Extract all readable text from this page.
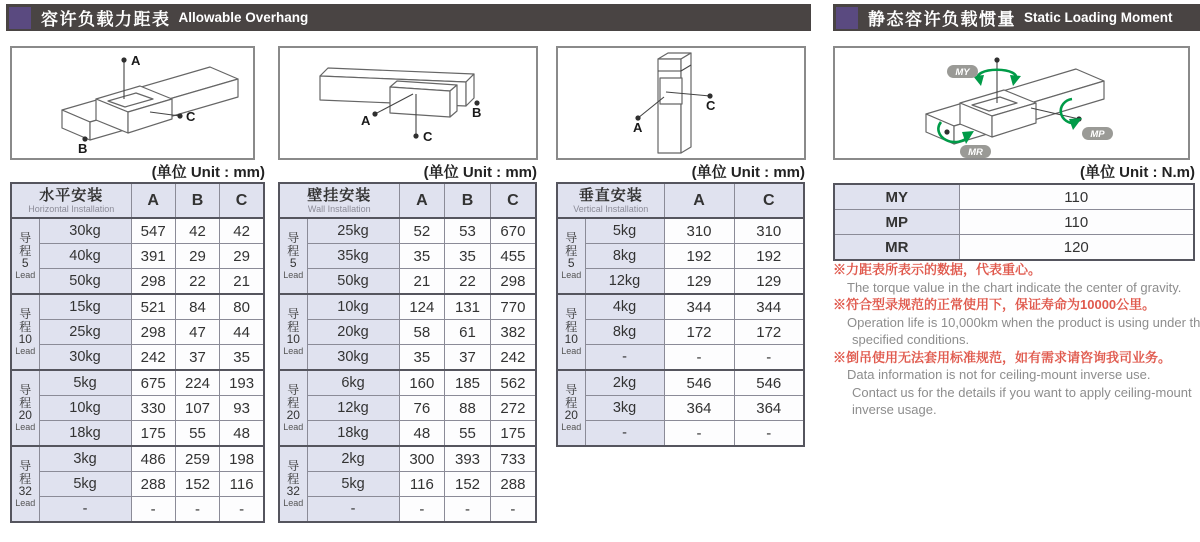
容许负载力距表 Allowable Overhang	静态容许负载惯量 Static Loading Moment
A
C
B
A
C
B
A
C
MY
MP
MR
(单位 Unit : mm)	(单位 Unit : mm)	(单位 Unit : mm)	(单位 Unit : N.m)
水平安装
Horizontal Installation		A	B	C

导
程
5
Lead	30kg	547	42	42
	40kg	391	29	29
	50kg	298	22	21

导
程
10
Lead	15kg	521	84	80
	25kg	298	47	44
	30kg	242	37	35

导
程
20
Lead	5kg	675	224	193
	10kg	330	107	93
	18kg	175	55	48

导
程
32
Lead	3kg	486	259	198
	5kg	288	152	116
	-	-	-	-
壁挂安装
Wall Installation		A	B	C

导
程
5
Lead	25kg	52	53	670
	35kg	35	35	455
	50kg	21	22	298

导
程
10
Lead	10kg	124	131	770
	20kg	58	61	382
	30kg	35	37	242

导
程
20
Lead	6kg	160	185	562
	12kg	76	88	272
	18kg	48	55	175

导
程
32
Lead	2kg	300	393	733
	5kg	116	152	288
	-	-	-	-
垂直安装
Vertical Installation		A	C

导
程
5
Lead	5kg	310	310
	8kg	192	192
	12kg	129	129

导
程
10
Lead	4kg	344	344
	8kg	172	172
	-	-	-

导
程
20
Lead	2kg	546	546
	3kg	364	364
	-	-	-
MY	110
MP	110
MR	120
※力距表所表示的数据，代表重心。
The torque value in the chart indicate the center of gravity.
※符合型录规范的正常使用下，保证寿命为10000公里。
Operation life is 10,000km when the product is using under th
specified conditions.
※倒吊使用无法套用标准规范，如有需求请咨询我司业务。
Data information is not for ceiling-mount inverse use.
Contact us for the details if you want to apply ceiling-mount
inverse usage.
